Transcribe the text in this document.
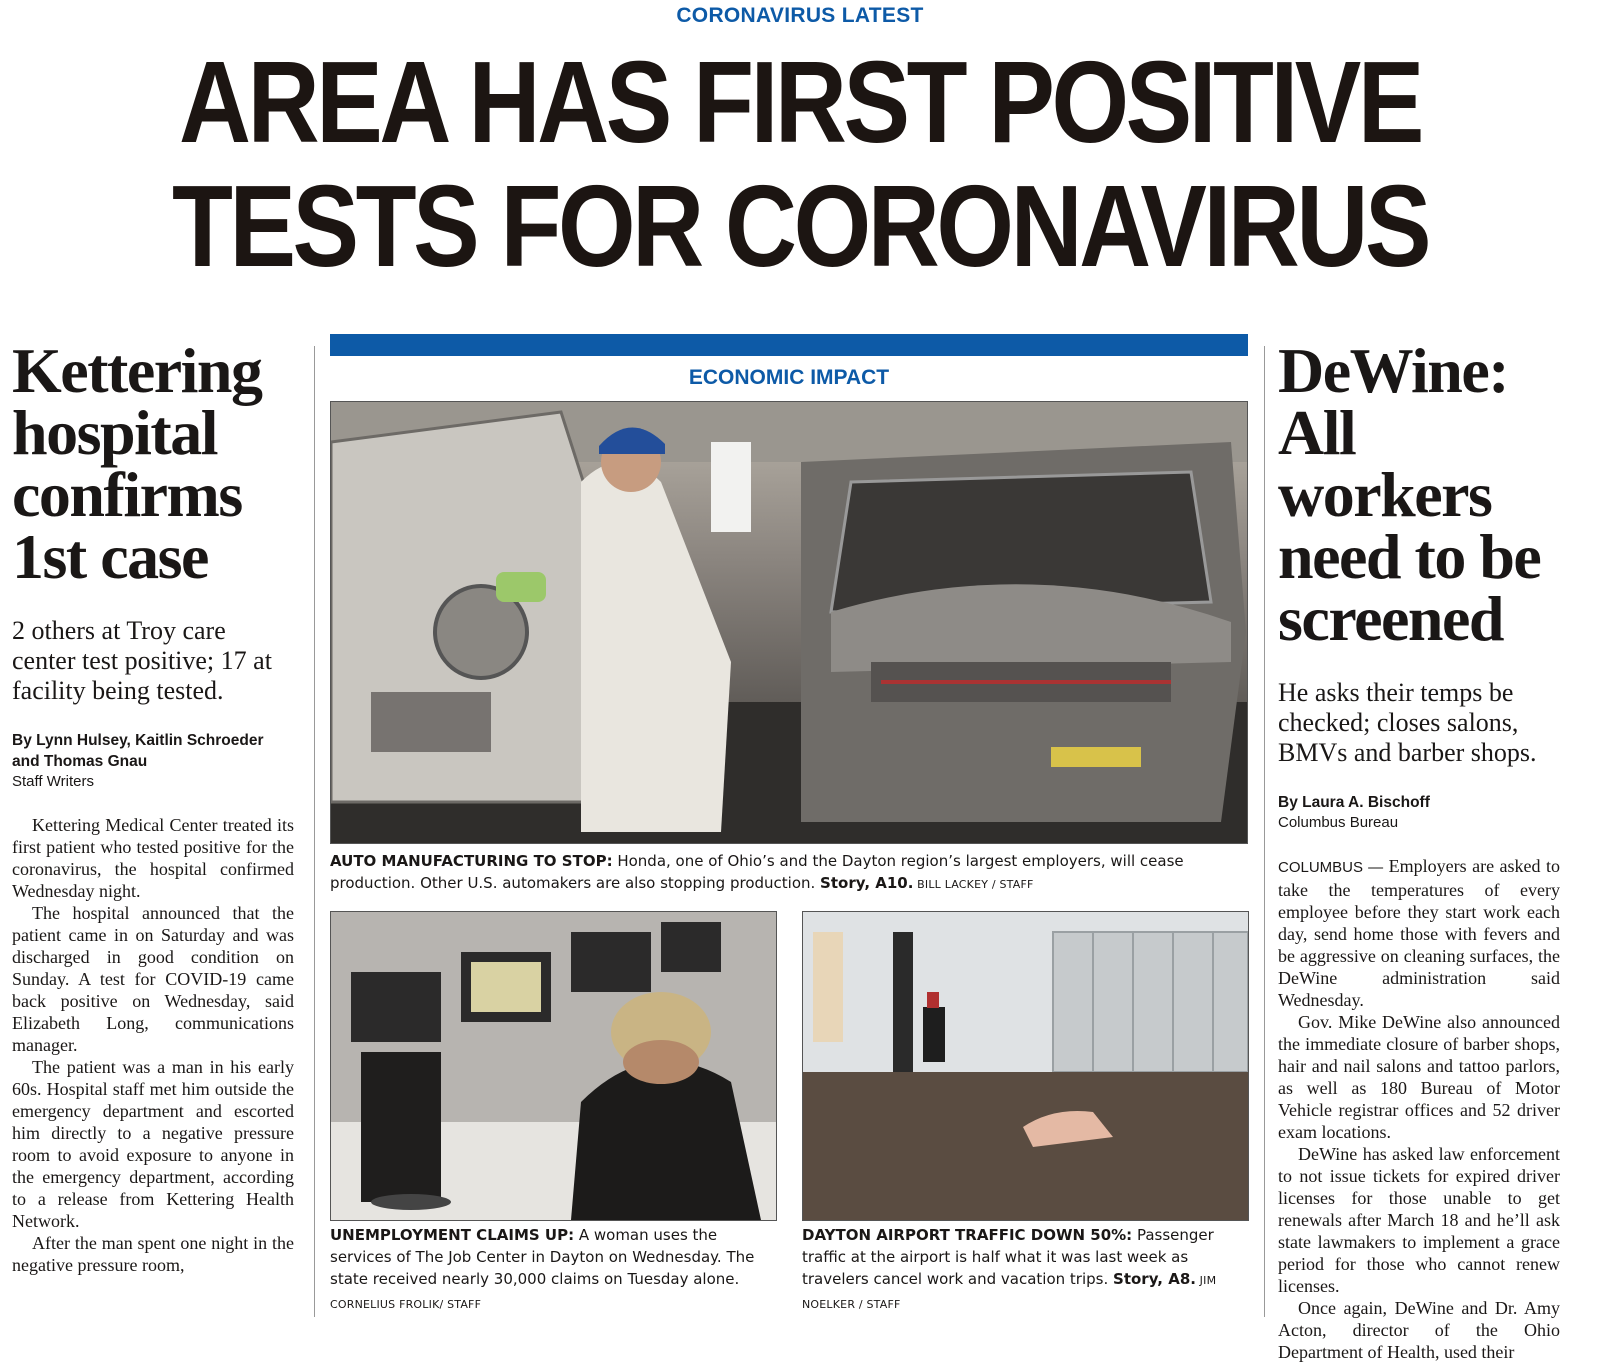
CORONAVIRUS LATEST
AREA HAS FIRST POSITIVE
TESTS FOR CORONAVIRUS
Kettering
hospital
confirms
1st case
2 others at Troy care center test positive; 17 at facility being tested.
By Lynn Hulsey, Kaitlin Schroeder and Thomas Gnau
Staff Writers

Kettering Medical Center treated its first patient who tested positive for the coronavirus, the hospital confirmed Wednesday night.

The hospital announced that the patient came in on Saturday and was discharged in good condition on Sunday. A test for COVID-19 came back positive on Wednesday, said Elizabeth Long, communications manager.

The patient was a man in his early 60s. Hospital staff met him outside the emergency department and escorted him directly to a negative pressure room to avoid exposure to anyone in the emergency department, according to a release from Kettering Health Network.

After the man spent one night in the negative pressure room,

ECONOMIC IMPACT
AUTO MANUFACTURING TO STOP: Honda, one of Ohio’s and the Dayton region’s largest employers, will cease production. Other U.S. automakers are also stopping production. Story, A10. BILL LACKEY / STAFF
UNEMPLOYMENT CLAIMS UP: A woman uses the services of The Job Center in Dayton on Wednesday. The state received nearly 30,000 claims on Tuesday alone. CORNELIUS FROLIK/ STAFF
DAYTON AIRPORT TRAFFIC DOWN 50%: Passenger traffic at the airport is half what it was last week as travelers cancel work and vacation trips. Story, A8. JIM NOELKER / STAFF
DeWine:
All workers
need to be
screened
He asks their temps be checked; closes salons, BMVs and barber shops.
By Laura A. Bischoff
Columbus Bureau

COLUMBUS — Employers are asked to take the temperatures of every employee before they start work each day, send home those with fevers and be aggressive on cleaning surfaces, the DeWine administration said Wednesday.

Gov. Mike DeWine also announced the immediate closure of barber shops, hair and nail salons and tattoo parlors, as well as 180 Bureau of Motor Vehicle registrar offices and 52 driver exam locations.

DeWine has asked law enforcement to not issue tickets for expired driver licenses for those unable to get renewals after March 18 and he’ll ask state lawmakers to implement a grace period for those who cannot renew licenses.

Once again, DeWine and Dr. Amy Acton, director of the Ohio Department of Health, used their
